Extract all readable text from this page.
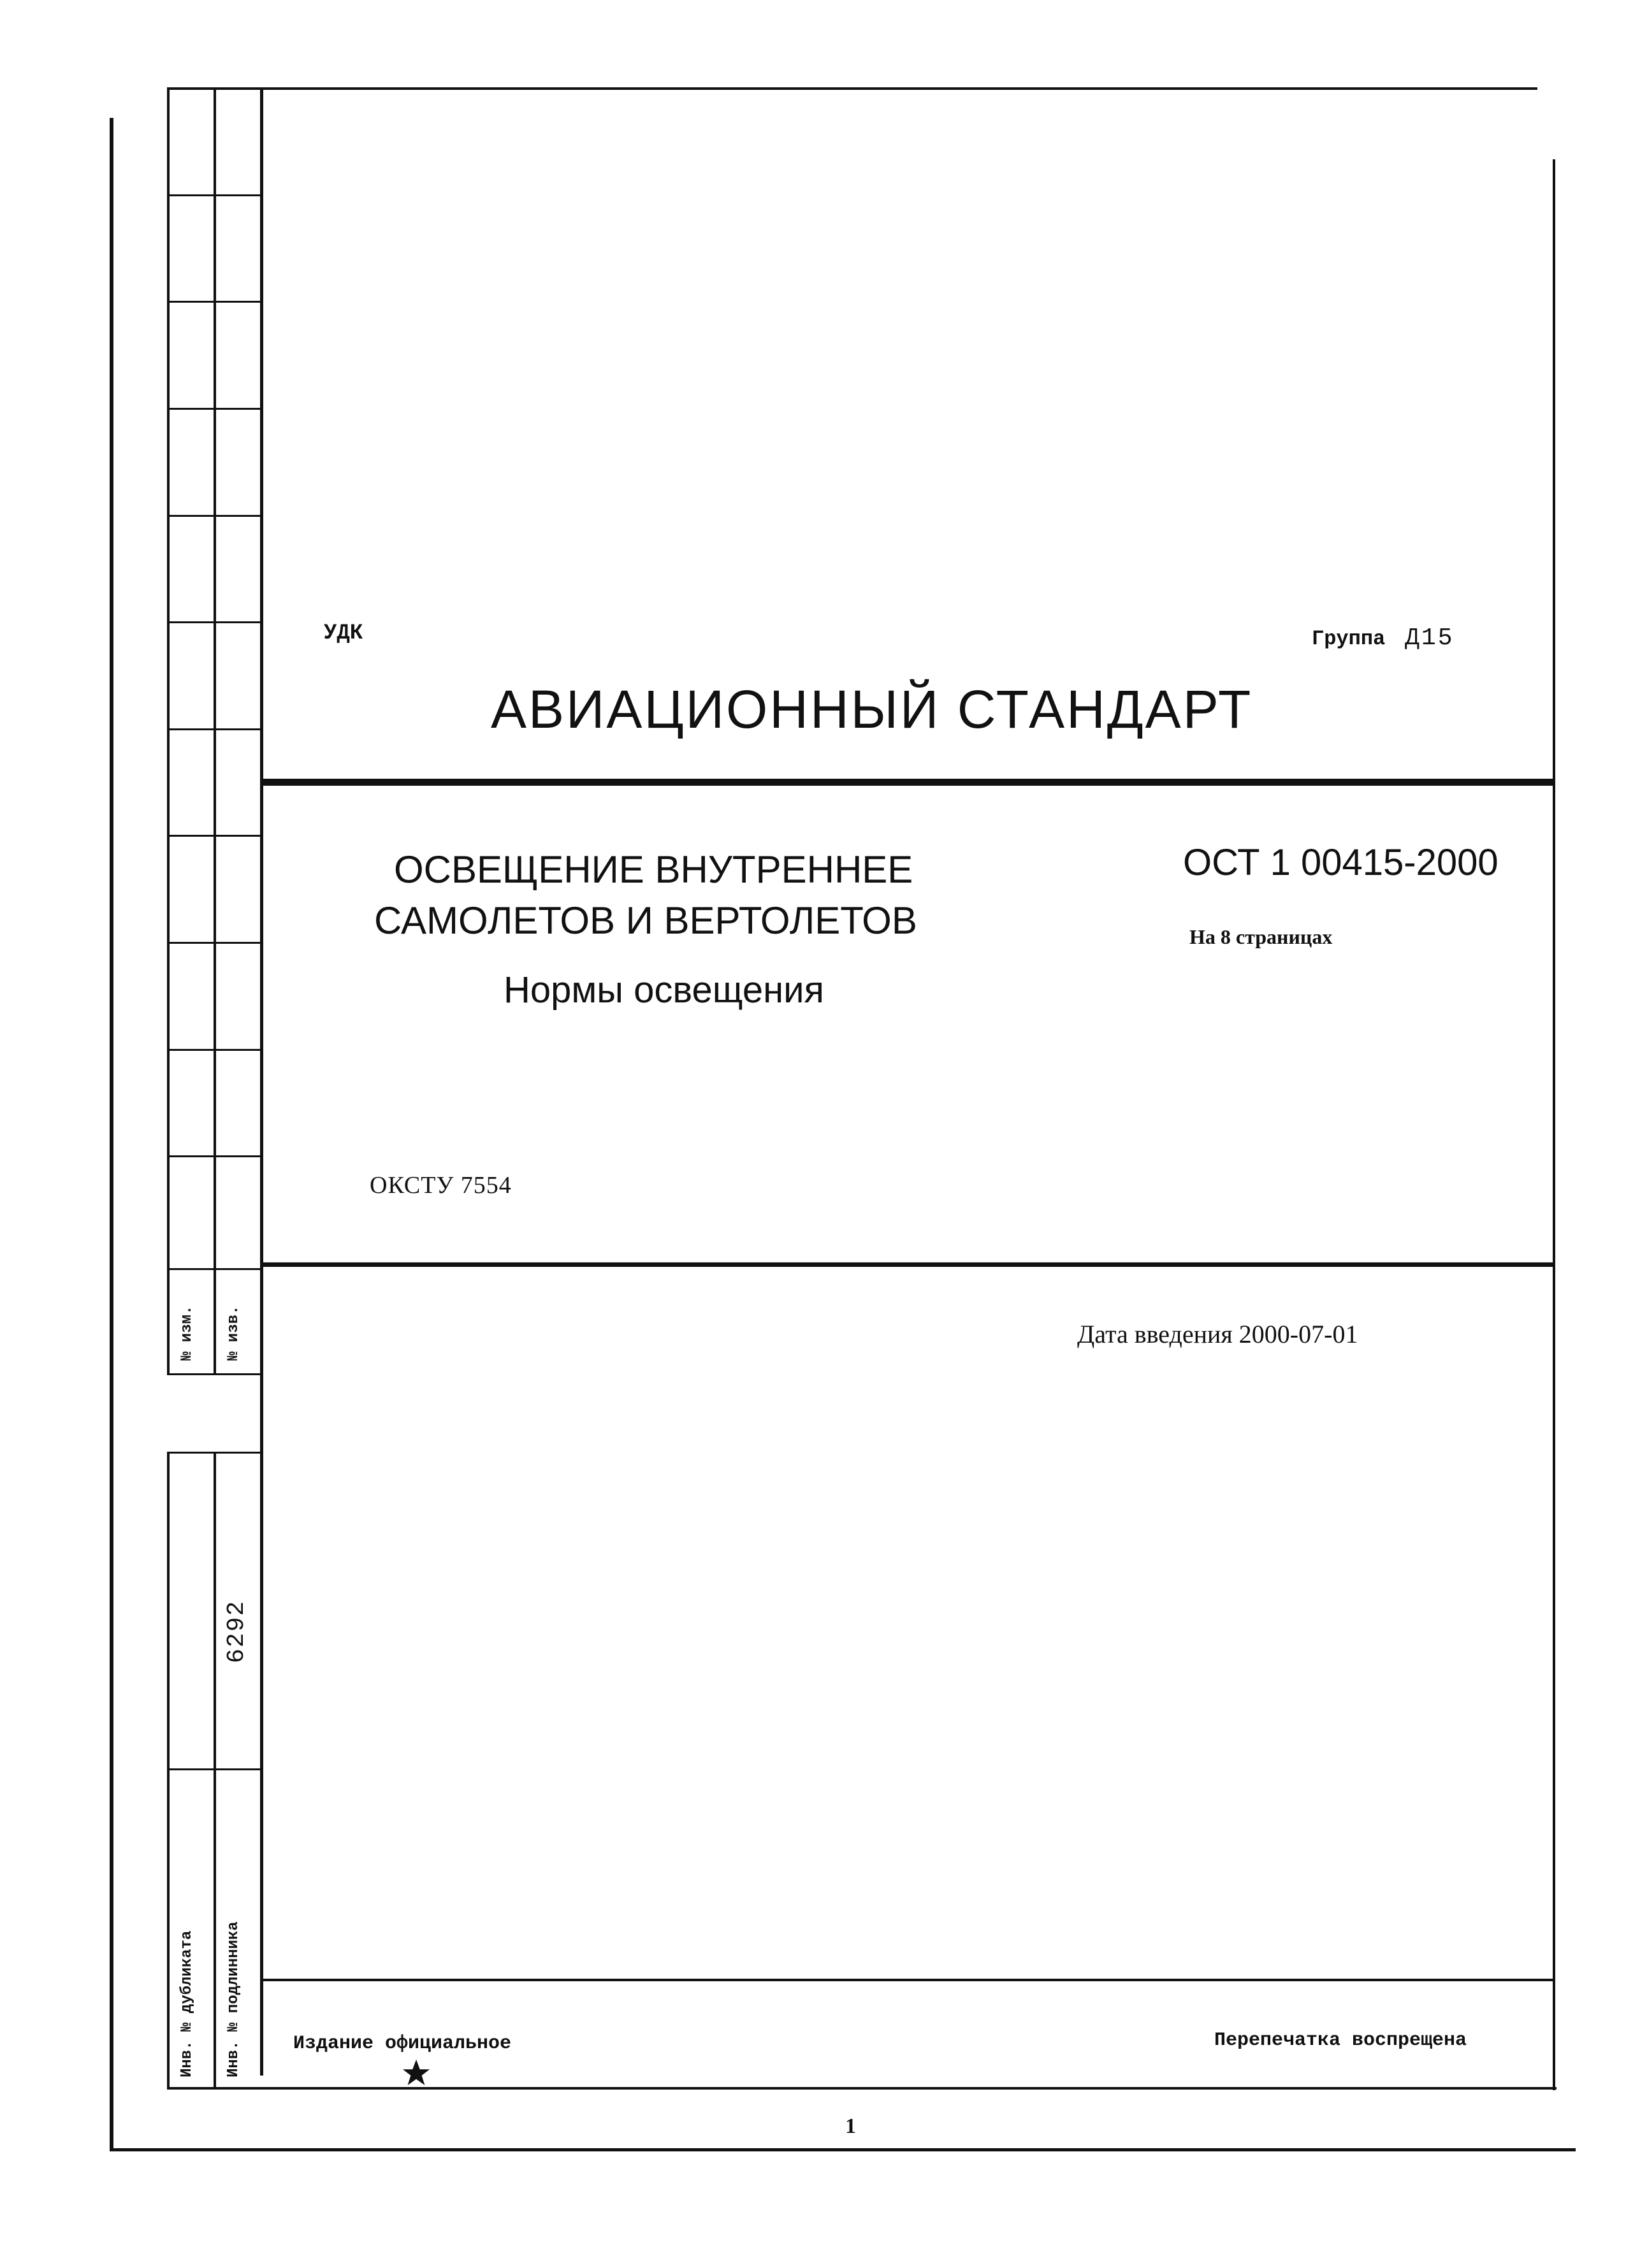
УДК	Группа Д15
АВИАЦИОННЫЙ СТАНДАРТ
ОСВЕЩЕНИЕ ВНУТРЕННЕЕ
САМОЛЕТОВ И ВЕРТОЛЕТОВ
Нормы освещения
ОСТ 1 00415-2000
На 8 страницах
ОКСТУ 7554
Дата введения 2000-07-01
Издание официальное	Перепечатка воспрещена
1
№ изм. № изв.
Инв. № дубликата Инв. № подлинника
6292
